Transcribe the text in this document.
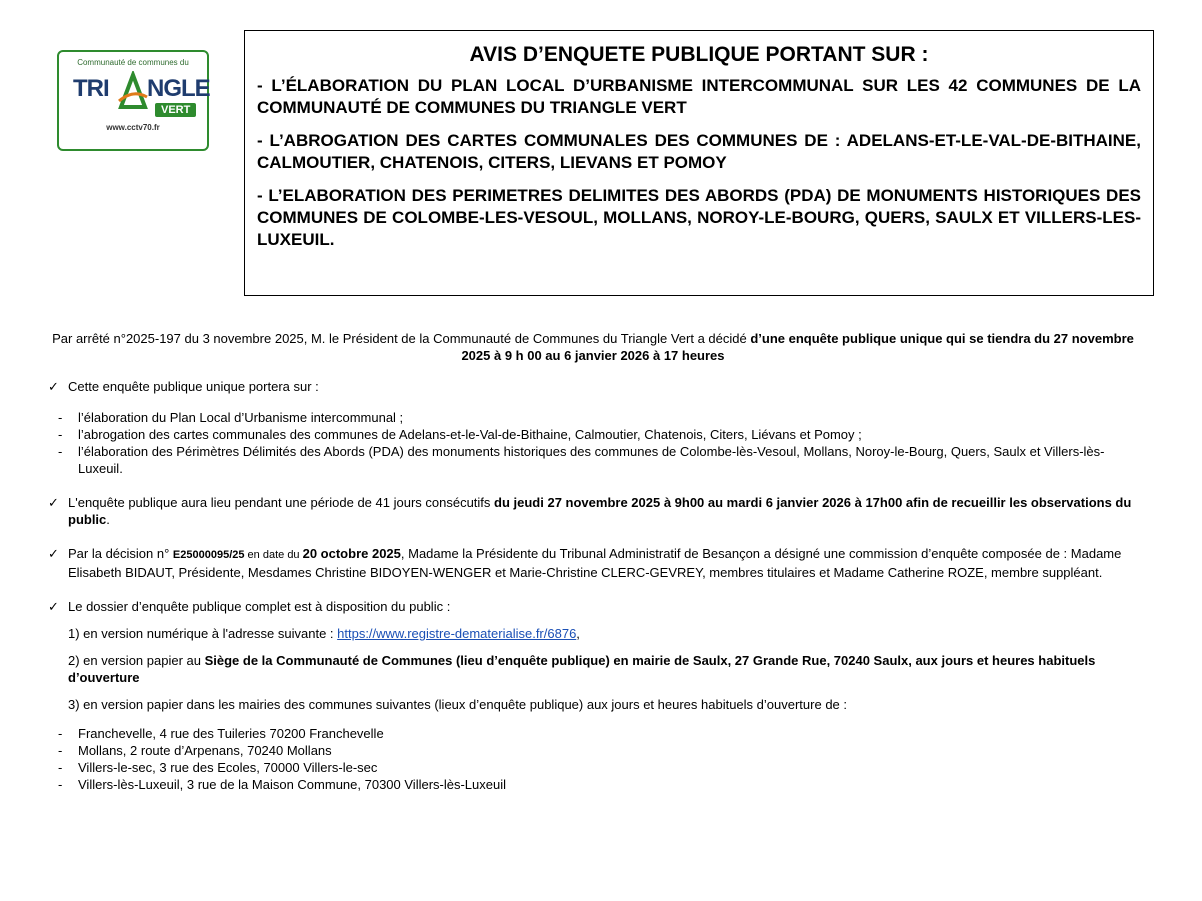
Communauté de communes du
TRI NGLE
VERT
www.cctv70.fr
AVIS D’ENQUETE PUBLIQUE PORTANT SUR :

- L’ÉLABORATION DU PLAN LOCAL D’URBANISME INTERCOMMUNAL SUR LES 42 COMMUNES DE LA COMMUNAUTÉ DE COMMUNES DU TRIANGLE VERT

- L’ABROGATION DES CARTES COMMUNALES DES COMMUNES DE : ADELANS-ET-LE-VAL-DE-BITHAINE, CALMOUTIER, CHATENOIS, CITERS, LIEVANS ET POMOY

- L’ELABORATION DES PERIMETRES DELIMITES DES ABORDS (PDA) DE MONUMENTS HISTORIQUES DES COMMUNES DE COLOMBE-LES-VESOUL, MOLLANS, NOROY-LE-BOURG, QUERS, SAULX ET VILLERS-LES-LUXEUIL.

Par arrêté n°2025-197 du 3 novembre 2025, M. le Président de la Communauté de Communes du Triangle Vert a décidé d’une enquête publique unique qui se tiendra du 27 novembre 2025 à 9 h 00 au 6 janvier 2026 à 17 heures

✓ Cette enquête publique unique portera sur :
-	l’élaboration du Plan Local d’Urbanisme intercommunal ;
-	l’abrogation des cartes communales des communes de Adelans-et-le-Val-de-Bithaine, Calmoutier, Chatenois, Citers, Liévans et Pomoy ;
-	l’élaboration des Périmètres Délimités des Abords (PDA) des monuments historiques des communes de Colombe-lès-Vesoul, Mollans, Noroy-le-Bourg, Quers, Saulx et Villers-lès-Luxeuil.
✓ L'enquête publique aura lieu pendant une période de 41 jours consécutifs du jeudi 27 novembre 2025 à 9h00 au mardi 6 janvier 2026 à 17h00 afin de recueillir les observations du public.
✓ Par la décision n° E25000095/25 en date du 20 octobre 2025, Madame la Présidente du Tribunal Administratif de Besançon a désigné une commission d’enquête composée de : Madame Elisabeth BIDAUT, Présidente, Mesdames Christine BIDOYEN-WENGER et Marie-Christine CLERC-GEVREY, membres titulaires et Madame Catherine ROZE, membre suppléant.
✓ Le dossier d’enquête publique complet est à disposition du public :
1) en version numérique à l'adresse suivante : https://www.registre-dematerialise.fr/6876,
2) en version papier au Siège de la Communauté de Communes (lieu d’enquête publique) en mairie de Saulx, 27 Grande Rue, 70240 Saulx, aux jours et heures habituels d’ouverture
3) en version papier dans les mairies des communes suivantes (lieux d’enquête publique) aux jours et heures habituels d’ouverture de :
-	Franchevelle, 4 rue des Tuileries 70200 Franchevelle
-	Mollans, 2 route d’Arpenans, 70240 Mollans
-	Villers-le-sec, 3 rue des Ecoles, 70000 Villers-le-sec
-	Villers-lès-Luxeuil, 3 rue de la Maison Commune, 70300 Villers-lès-Luxeuil
